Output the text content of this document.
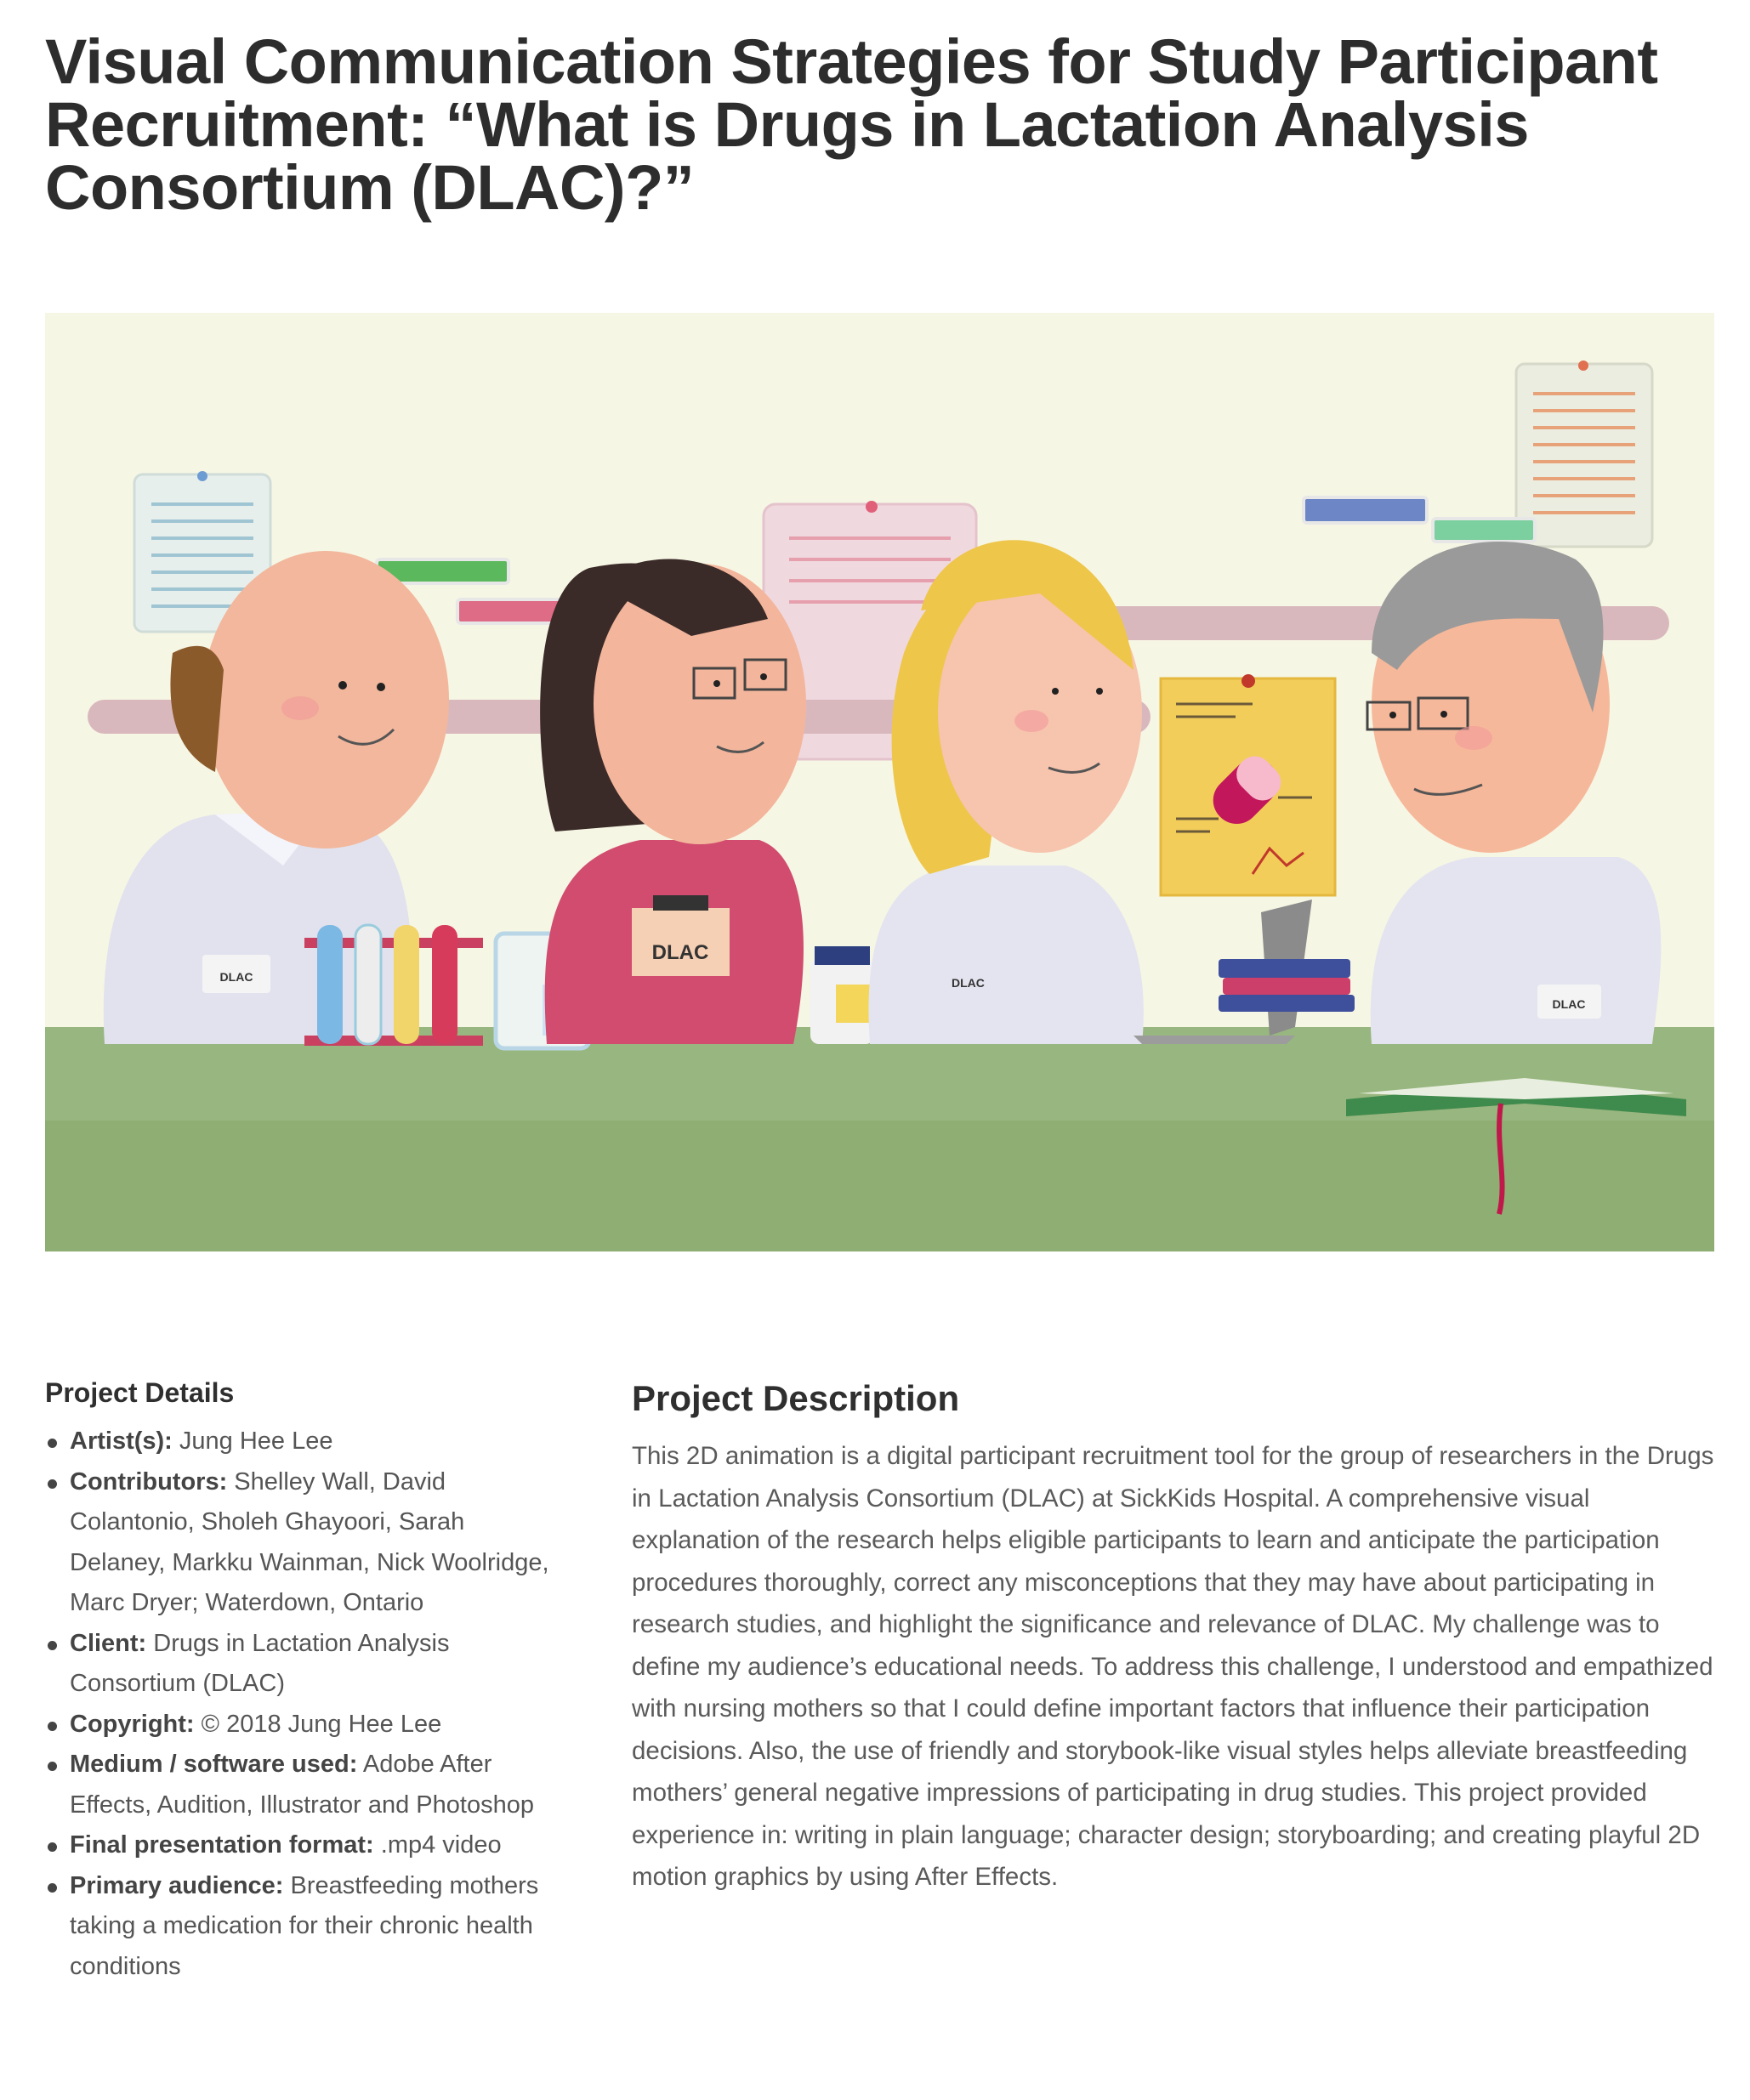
Visual Communication Strategies for Study Participant Recruitment: “What is Drugs in Lactation Analysis Consortium (DLAC)?”
DLAC
DLAC
DLAC
DLAC
Project Details
Artist(s): Jung Hee Lee
Contributors: Shelley Wall, David Colantonio, Sholeh Ghayoori, Sarah Delaney, Markku Wainman, Nick Woolridge, Marc Dryer; Waterdown, Ontario
Client: Drugs in Lactation Analysis Consortium (DLAC)
Copyright: © 2018 Jung Hee Lee
Medium / software used: Adobe After Effects, Audition, Illustrator and Photoshop
Final presentation format: .mp4 video
Primary audience: Breastfeeding mothers taking a medication for their chronic health conditions
Project Description

This 2D animation is a digital participant recruitment tool for the group of researchers in the Drugs in Lactation Analysis Consortium (DLAC) at SickKids Hospital. A comprehensive visual explanation of the research helps eligible participants to learn and anticipate the participation procedures thoroughly, correct any misconceptions that they may have about participating in research studies, and highlight the significance and relevance of DLAC. My challenge was to define my audience’s educational needs. To address this challenge, I understood and empathized with nursing mothers so that I could define important factors that influence their participation decisions. Also, the use of friendly and storybook-like visual styles helps alleviate breastfeeding mothers’ general negative impressions of participating in drug studies. This project provided experience in: writing in plain language; character design; storyboarding; and creating playful 2D motion graphics by using After Effects.
